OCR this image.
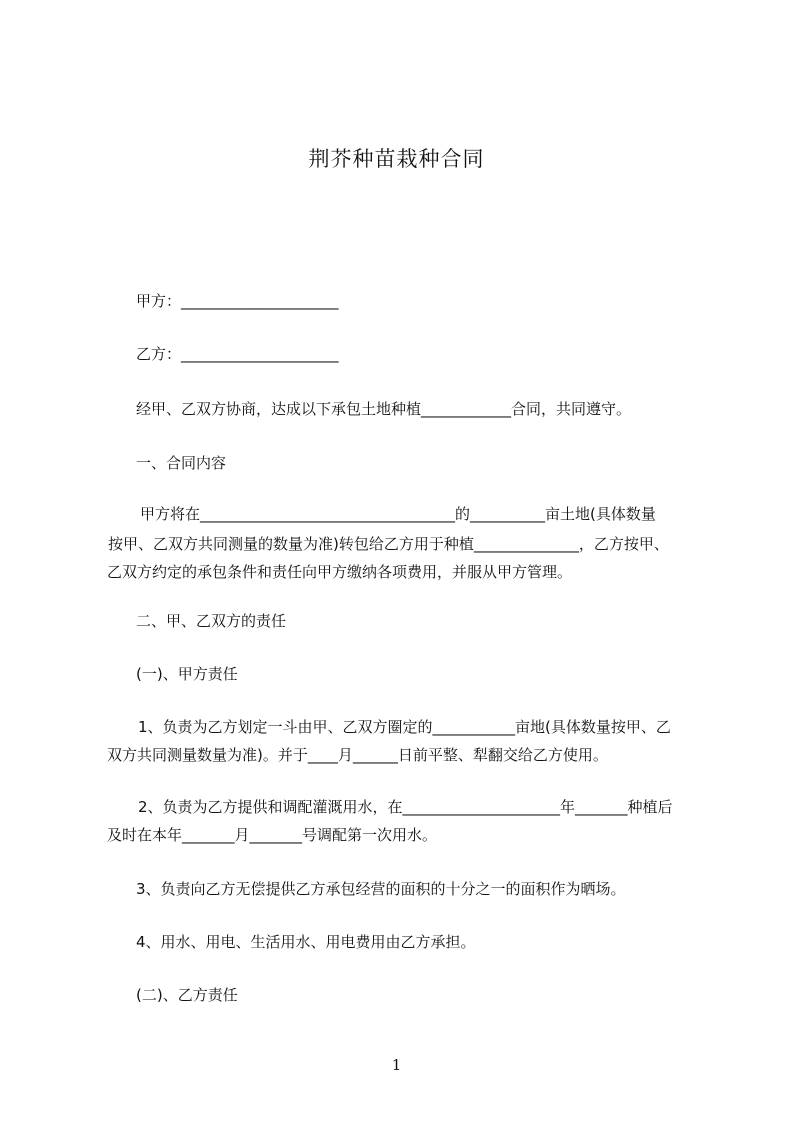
荆芥种苗栽种合同
甲方：_____________________
乙方：_____________________
经甲、乙双方协商，达成以下承包土地种植____________合同，共同遵守。
一、合同内容
甲方将在__________________________________的__________亩土地(具体数量
按甲、乙双方共同测量的数量为准)转包给乙方用于种植______________，乙方按甲、
乙双方约定的承包条件和责任向甲方缴纳各项费用，并服从甲方管理。
二、甲、乙双方的责任
(一)、甲方责任
1、负责为乙方划定一斗由甲、乙双方圈定的___________亩地(具体数量按甲、乙
双方共同测量数量为准)。并于____月______日前平整、犁翻交给乙方使用。
2、负责为乙方提供和调配灌溉用水，在_____________________年_______种植后
及时在本年_______月_______号调配第一次用水。
3、负责向乙方无偿提供乙方承包经营的面积的十分之一的面积作为晒场。
4、用水、用电、生活用水、用电费用由乙方承担。
(二)、乙方责任
1
